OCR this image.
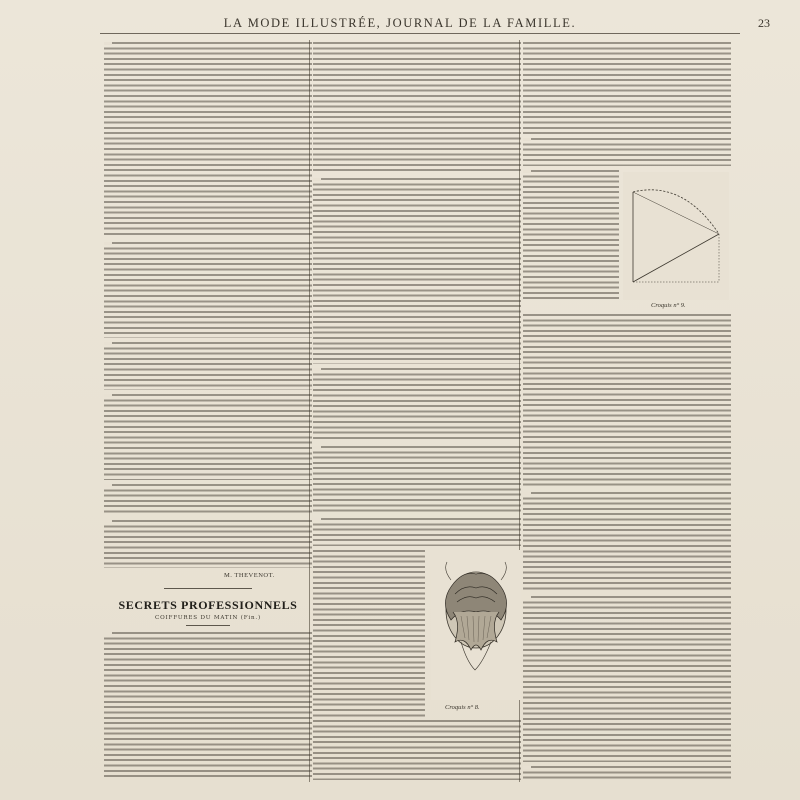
LA MODE ILLUSTRÉE, JOURNAL DE LA FAMILLE.	23
M. THEVENOT.
SECRETS PROFESSIONNELS
COIFFURES DU MATIN (Fin.)
Croquis n° 8.
Croquis n° 9.
